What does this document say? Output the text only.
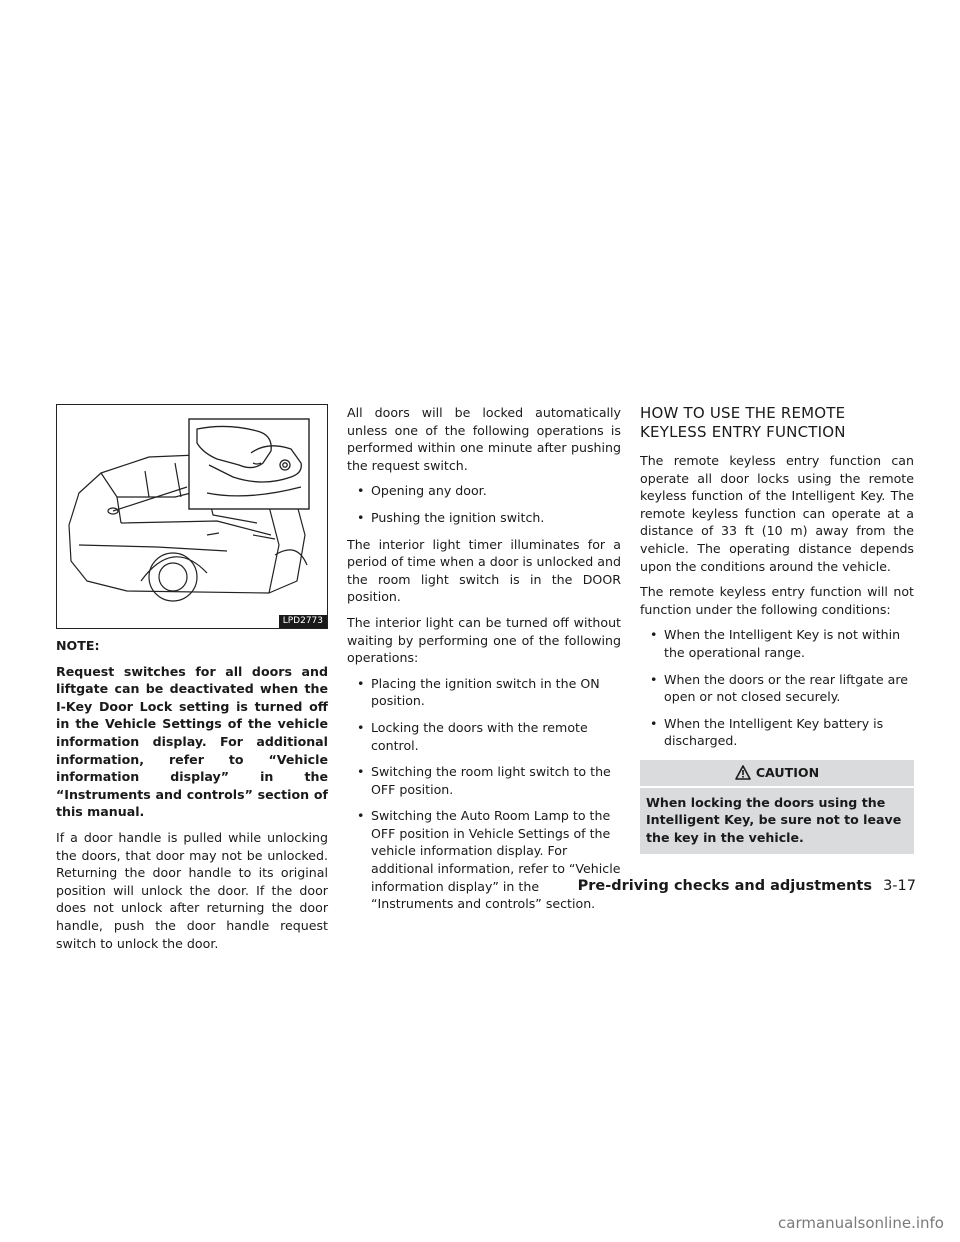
LPD2773

NOTE:

Request switches for all doors and liftgate can be deactivated when the I-Key Door Lock setting is turned off in the Vehicle Settings of the vehicle information display. For additional information, refer to “Vehicle information display” in the “Instruments and controls” section of this manual.

If a door handle is pulled while unlocking the doors, that door may not be unlocked. Returning the door handle to its original position will unlock the door. If the door does not unlock after returning the door handle, push the door handle request switch to unlock the door.

All doors will be locked automatically unless one of the following operations is performed within one minute after pushing the request switch.

• Opening any door.
• Pushing the ignition switch.

The interior light timer illuminates for a period of time when a door is unlocked and the room light switch is in the DOOR position.

The interior light can be turned off without waiting by performing one of the following operations:

• Placing the ignition switch in the ON position.
• Locking the doors with the remote control.
• Switching the room light switch to the OFF position.
• Switching the Auto Room Lamp to the OFF position in Vehicle Settings of the vehicle information display. For additional information, refer to “Vehicle information display” in the “Instruments and controls” section.
HOW TO USE THE REMOTE
KEYLESS ENTRY FUNCTION

The remote keyless entry function can operate all door locks using the remote keyless function of the Intelligent Key. The remote keyless function can operate at a distance of 33 ft (10 m) away from the vehicle. The operating distance depends upon the conditions around the vehicle.

The remote keyless entry function will not function under the following conditions:

• When the Intelligent Key is not within the operational range.
• When the doors or the rear liftgate are open or not closed securely.
• When the Intelligent Key battery is discharged.
CAUTION
When locking the doors using the Intelligent Key, be sure not to leave the key in the vehicle.
Pre-driving checks and adjustments 3-17
carmanualsonline.info
